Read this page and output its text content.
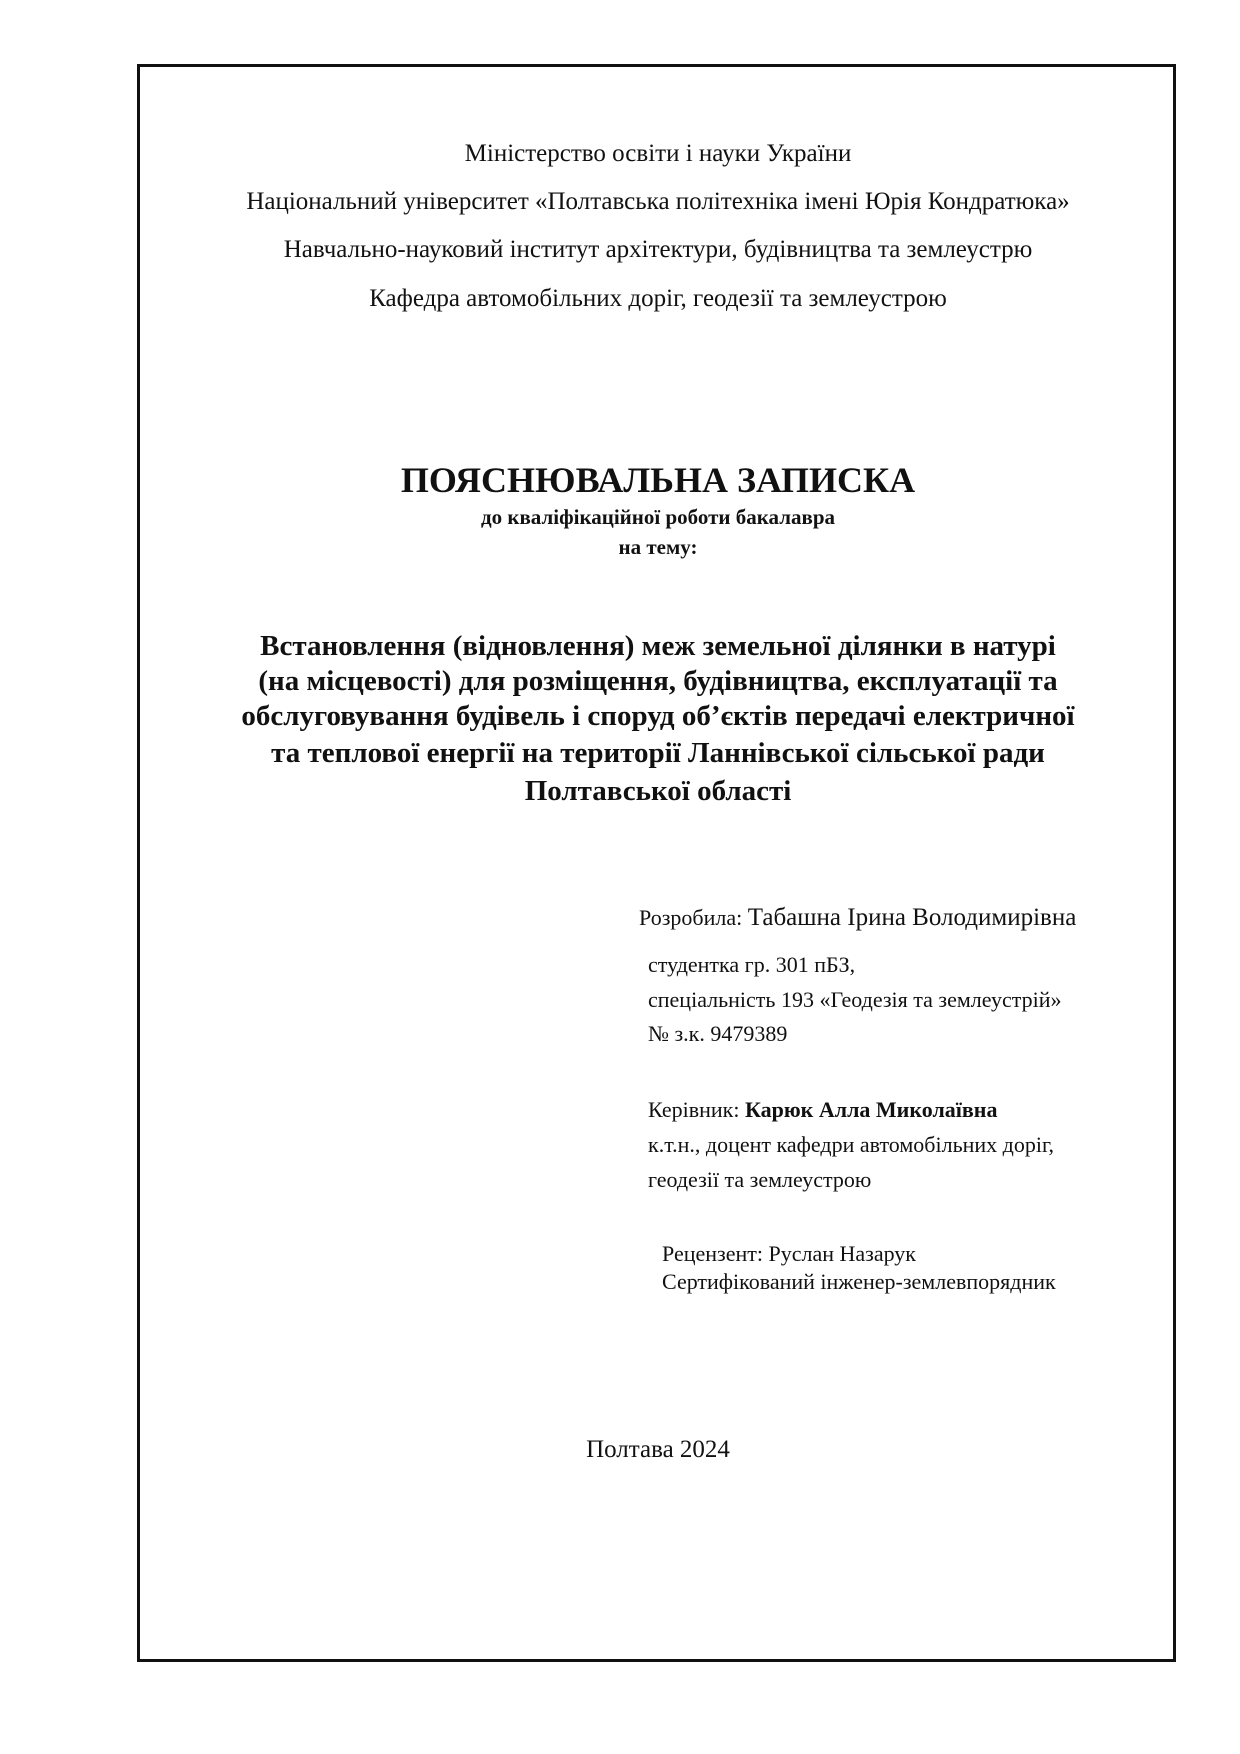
Міністерство освіти і науки України
Національний університет «Полтавська політехніка імені Юрія Кондратюка»
Навчально-науковий інститут архітектури, будівництва та землеустрю
Кафедра автомобільних доріг, геодезії та землеустрою
ПОЯСНЮВАЛЬНА ЗАПИСКА
до кваліфікаційної роботи бакалавра
на тему:
Встановлення (відновлення) меж земельної ділянки в натурі
(на місцевості) для розміщення, будівництва, експлуатації та
обслуговування будівель і споруд об’єктів передачі електричної
та теплової енергії на території Ланнівської сільської ради
Полтавської області
Розробила: Табашна Ірина Володимирівна
студентка гр. 301 пБЗ,
спеціальність 193 «Геодезія та землеустрій»
№ з.к. 9479389
Керівник: Карюк Алла Миколаївна
к.т.н., доцент кафедри автомобільних доріг,
геодезії та землеустрою
Рецензент: Руслан Назарук
Сертифікований інженер-землевпорядник
Полтава 2024
